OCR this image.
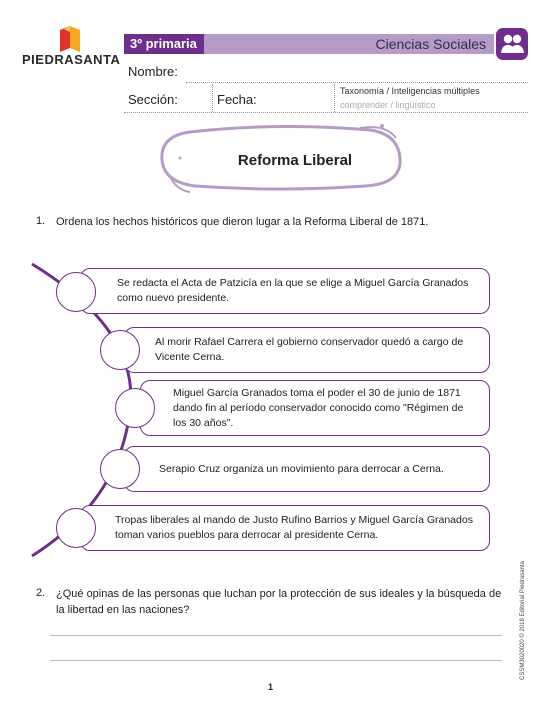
PIEDRASANTA
3º primaria	Ciencias Sociales
Nombre:
Sección:	Fecha:
Taxonomía / Inteligencias múltiples
comprender / lingüístico
Reforma Liberal
1. Ordena los hechos históricos que dieron lugar a la Reforma Liberal de 1871.
Se redacta el Acta de Patzicía en la que se elige a Miguel García Granados como nuevo presidente.
Al morir Rafael Carrera el gobierno conservador quedó a cargo de Vicente Cerna.
Miguel García Granados toma el poder el 30 de junio de 1871 dando fin al período conservador conocido como "Régimen de los 30 años".
Serapio Cruz organiza un movimiento para derrocar a Cerna.
Tropas liberales al mando de Justo Rufino Barrios y Miguel García Granados toman varios pueblos para derrocar al presidente Cerna.
2. ¿Qué opinas de las personas que luchan por la protección de sus ideales y la búsqueda de la libertad en las naciones?
1
CSSM3020020 © 2018 Editorial Piedrasanta
